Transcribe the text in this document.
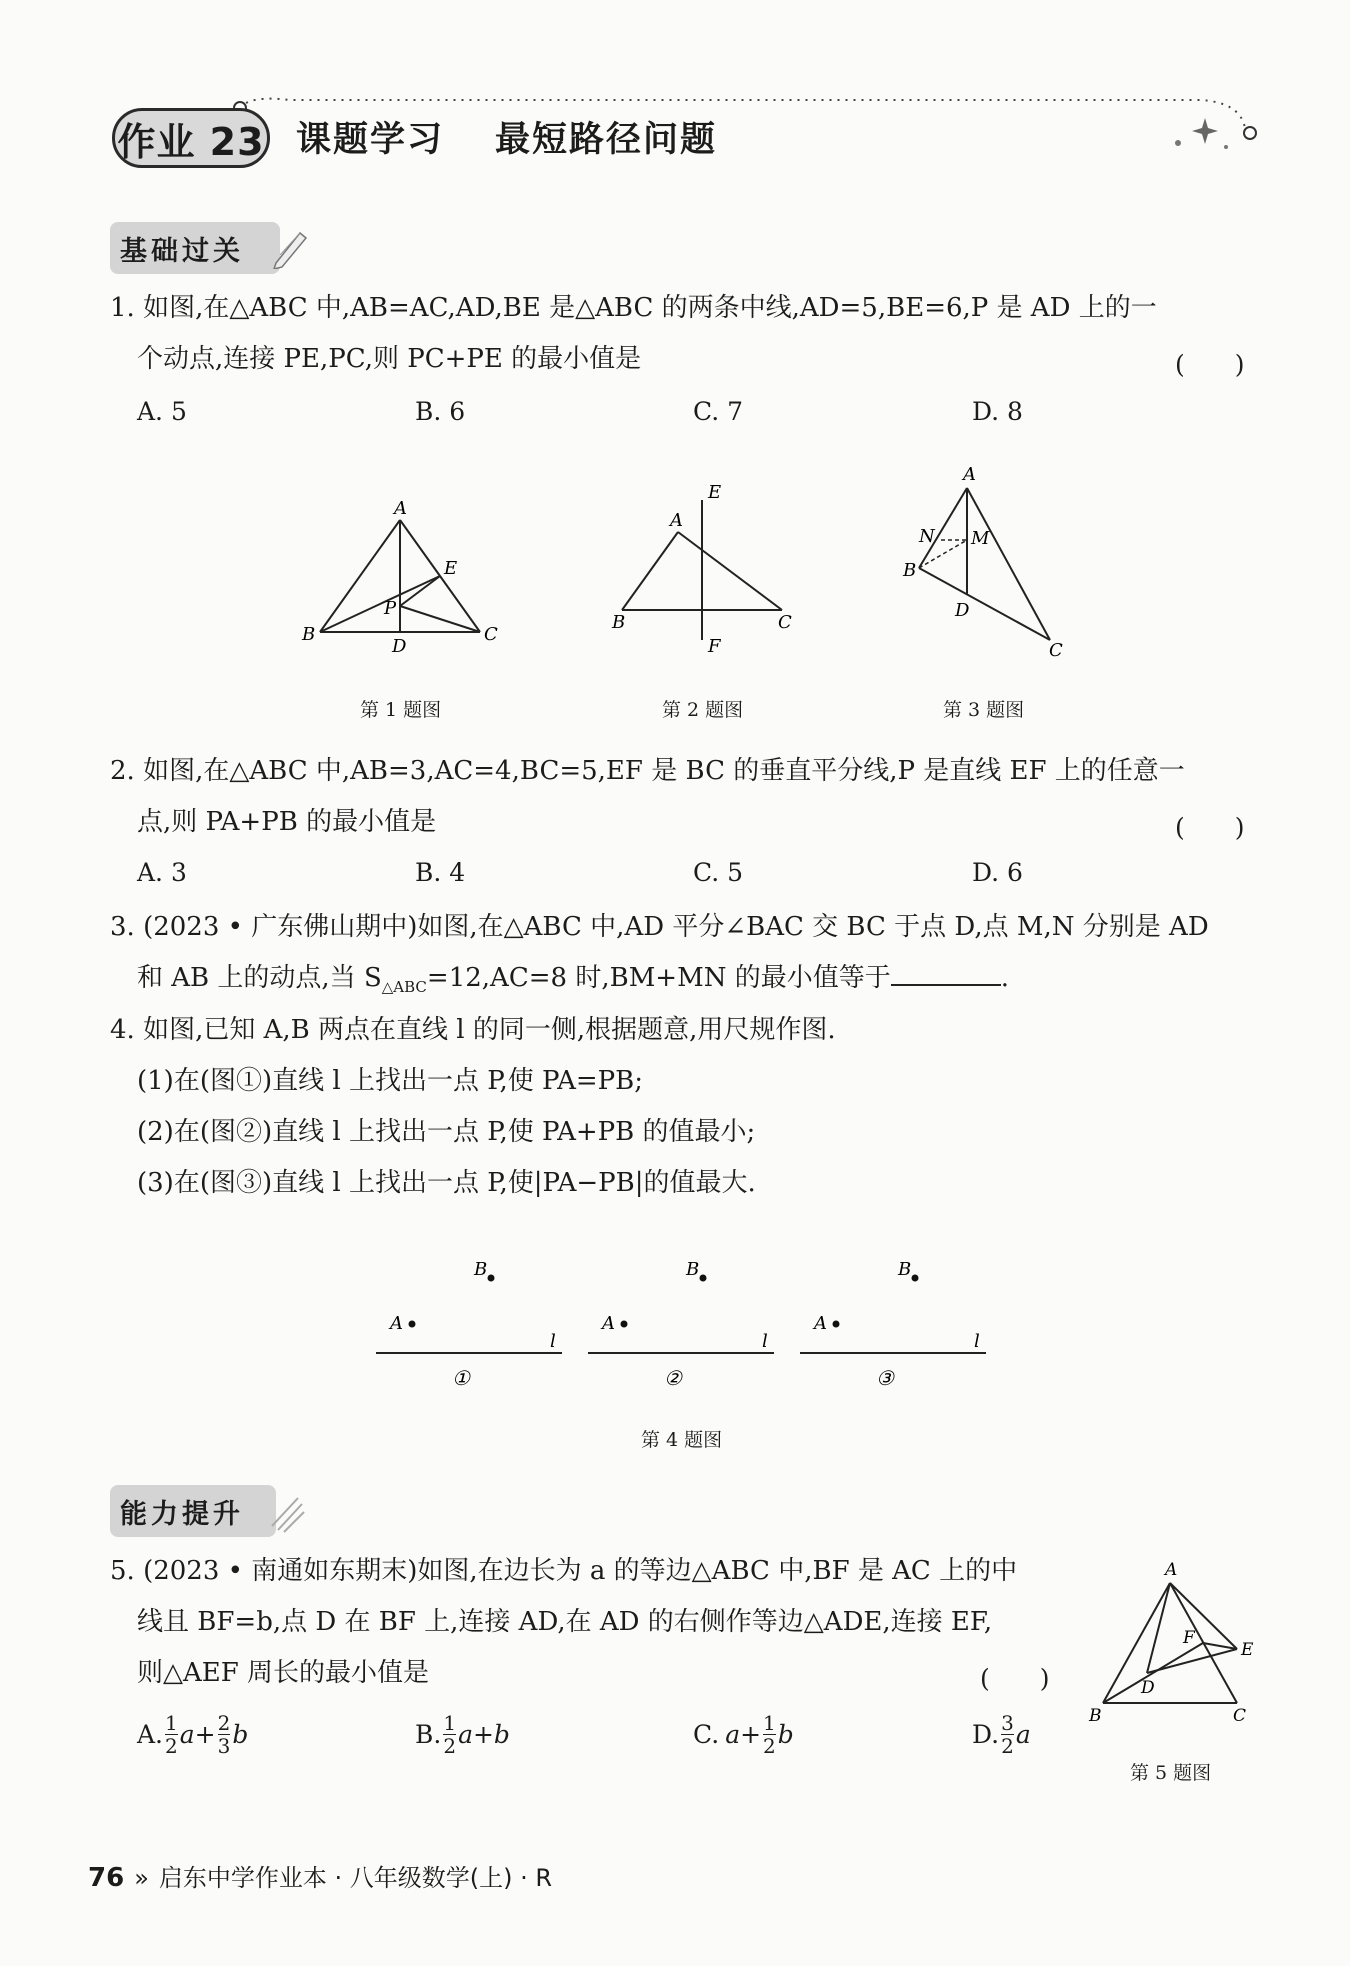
作业 23 课题学习 最短路径问题
基础过关
1. 如图,在△ABC 中,AB=AC,AD,BE 是△ABC 的两条中线,AD=5,BE=6,P 是 AD 上的一
个动点,连接 PE,PC,则 PC+PE 的最小值是	(　　)
A. 5	B. 6	C. 7	D. 8
A
B	C
D
E
P
第 1 题图
A
B	C
E
F
第 2 题图
A
B
C
D
M
N
第 3 题图
2. 如图,在△ABC 中,AB=3,AC=4,BC=5,EF 是 BC 的垂直平分线,P 是直线 EF 上的任意一
点,则 PA+PB 的最小值是	(　　)
A. 3	B. 4	C. 5	D. 6
3. (2023 • 广东佛山期中)如图,在△ABC 中,AD 平分∠BAC 交 BC 于点 D,点 M,N 分别是 AD
和 AB 上的动点,当 $S_{\triangle ABC}=12,AC=8$ 时,BM+MN 的最小值等于	.
4. 如图,已知 A,B 两点在直线 l 的同一侧,根据题意,用尺规作图.
(1)在(图①)直线 l 上找出一点 P,使 PA=PB;
(2)在(图②)直线 l 上找出一点 P,使 PA+PB 的值最小;
(3)在(图③)直线 l 上找出一点 P,使|PA−PB|的值最大.
B
A
l
①
B
A
l
②
B
A
l
③
第 4 题图
能力提升
5. (2023 • 南通如东期末)如图,在边长为 a 的等边△ABC 中,BF 是 AC 上的中
线且 BF=b,点 D 在 BF 上,连接 AD,在 AD 的右侧作等边△ADE,连接 EF,
则△AEF 周长的最小值是	(　　)
A. $\frac{1}{2} a+ \frac{2}{3}$ b	B. $\frac{1}{2} a+b$	C. $a+ \frac{1}{2}$ b	D. $\frac{3}{2}$ a
A
B	C
D
E
F
第 5 题图
76 » 启东中学作业本 · 八年级数学(上) · R
